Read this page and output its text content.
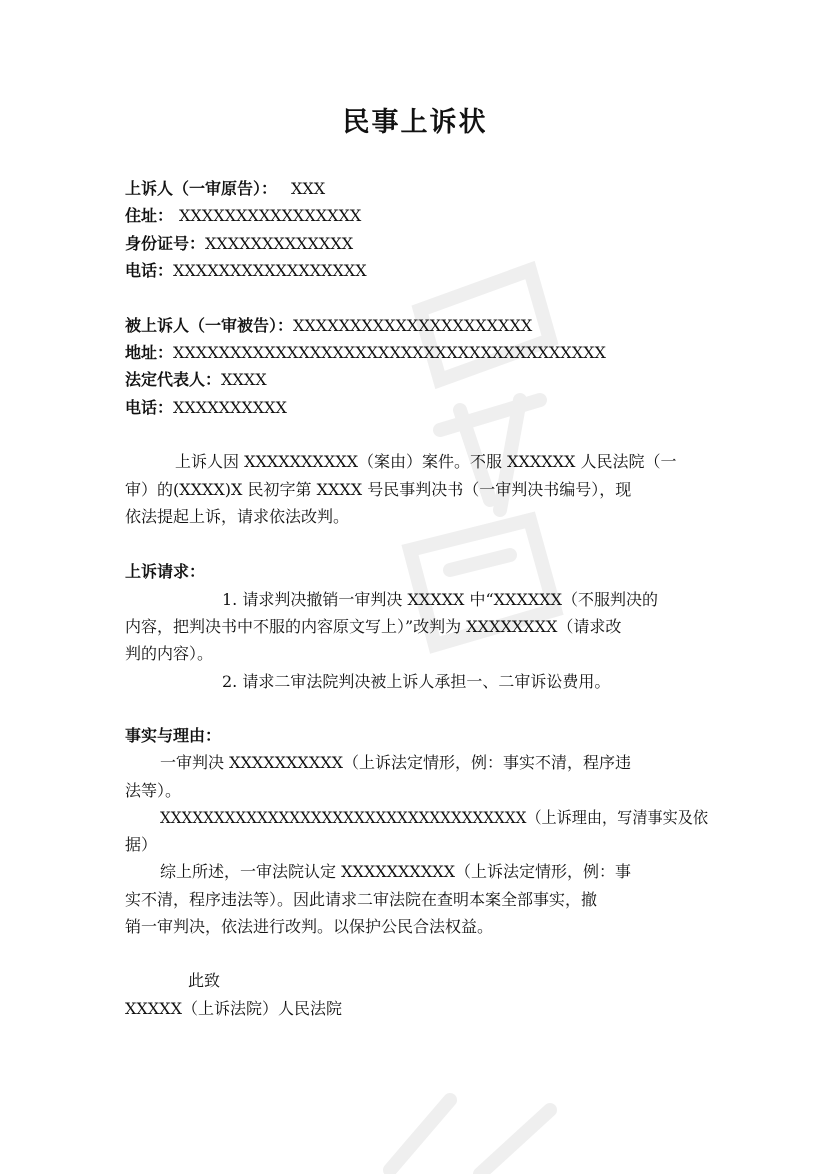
民事上诉状
上诉人（一审原告）： XXX
住址： XXXXXXXXXXXXXXXX
身份证号：XXXXXXXXXXXXX
电话：XXXXXXXXXXXXXXXXX
被上诉人（一审被告）：XXXXXXXXXXXXXXXXXXXXX
地址：XXXXXXXXXXXXXXXXXXXXXXXXXXXXXXXXXXXXXX
法定代表人：XXXX
电话：XXXXXXXXXX
上诉人因 XXXXXXXXXX（案由）案件。不服 XXXXXX 人民法院（一
审）的(XXXX)X 民初字第 XXXX 号民事判决书（一审判决书编号），现
依法提起上诉，请求依法改判。
上诉请求：
1. 请求判决撤销一审判决 XXXXX 中“XXXXXX（不服判决的
内容，把判决书中不服的内容原文写上）”改判为 XXXXXXXX（请求改
判的内容）。
2. 请求二审法院判决被上诉人承担一、二审诉讼费用。
事实与理由：
一审判决 XXXXXXXXXX（上诉法定情形，例：事实不清，程序违
法等）。
XXXXXXXXXXXXXXXXXXXXXXXXXXXXXXXXXX（上诉理由，写清事实及依
据）
综上所述，一审法院认定 XXXXXXXXXX（上诉法定情形，例：事
实不清，程序违法等）。因此请求二审法院在查明本案全部事实，撤
销一审判决，依法进行改判。以保护公民合法权益。
此致
XXXXX（上诉法院）人民法院
